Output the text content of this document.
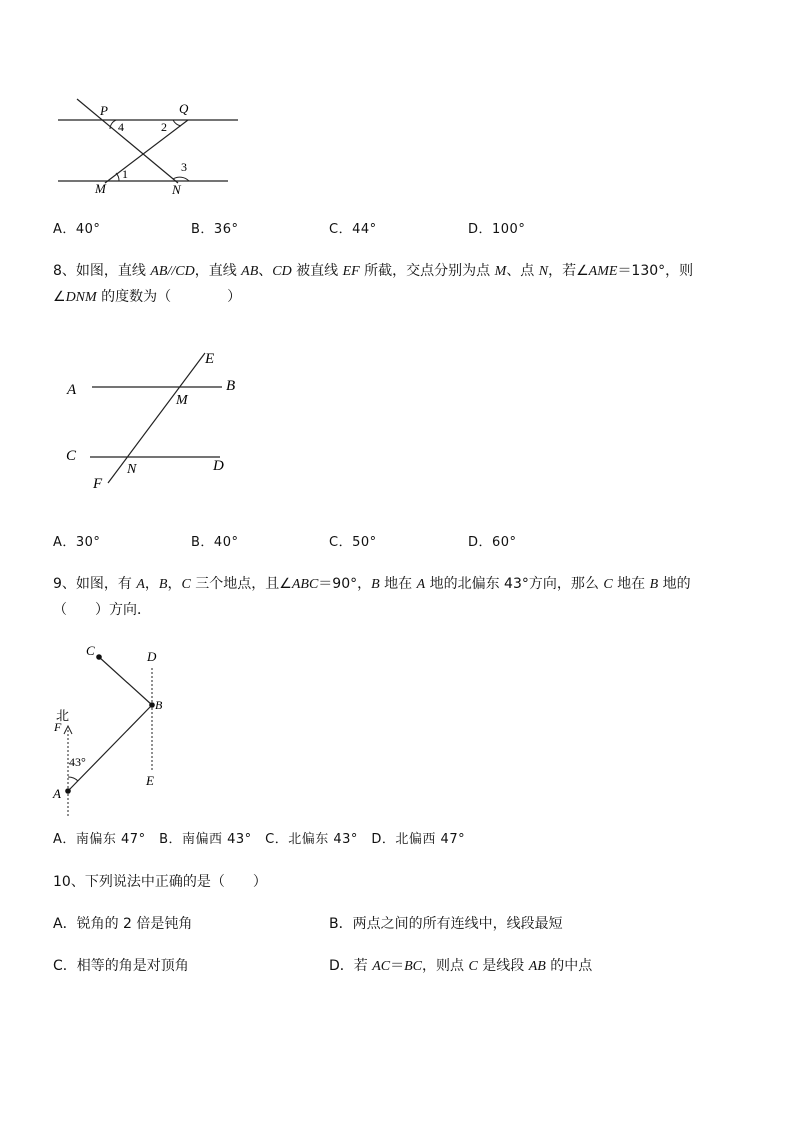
P	Q
4	2
1	3
M	N
A．40°	B．36°	C．44°	D．100°
8、如图，直线 AB//CD，直线 AB、CD 被直线 EF 所截，交点分别为点 M、点 N，若∠AME＝130°，则
∠DNM 的度数为（　　　　）
E
A	B
M
C
N	D
F
A．30°	B．40°	C．50°	D．60°
9、如图，有 A，B，C 三个地点，且∠ABC＝90°，B 地在 A 地的北偏东 43°方向，那么 C 地在 B 地的
（　　）方向．
C	D
B
北
F
43°
E
A
A．南偏东 47°　B．南偏西 43°　C．北偏东 43°　D．北偏西 47°
10、下列说法中正确的是（　　）
A．锐角的 2 倍是钝角	B．两点之间的所有连线中，线段最短
C．相等的角是对顶角	D．若 AC＝BC，则点 C 是线段 AB 的中点
